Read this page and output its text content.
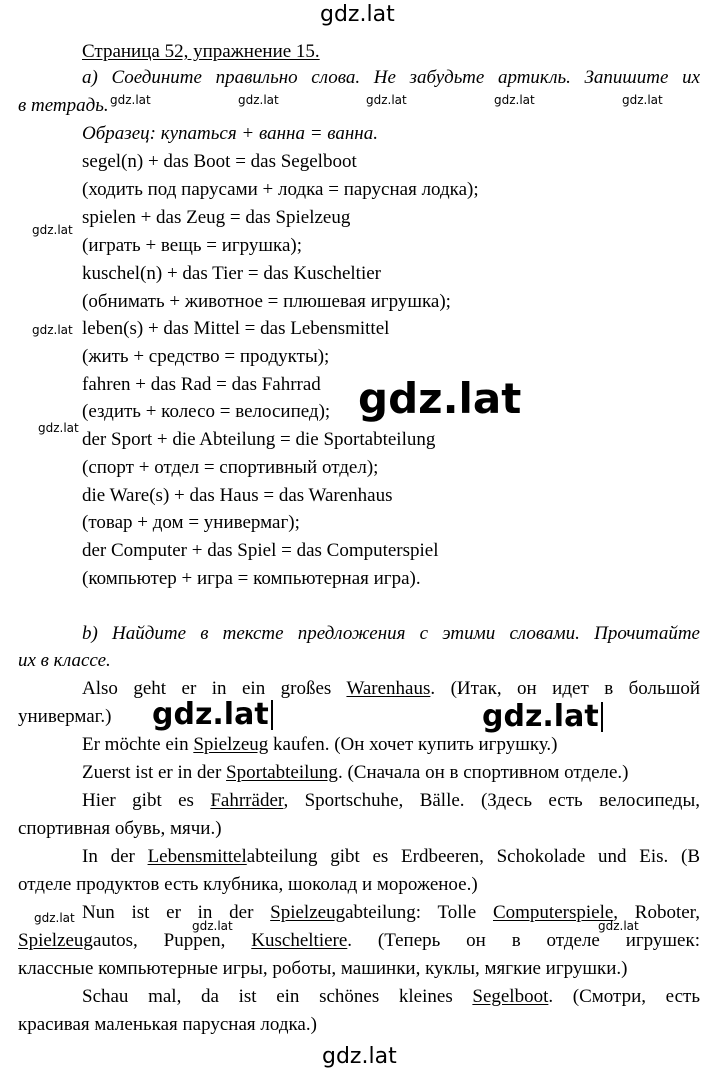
gdz.lat
gdz.lat	gdz.lat	gdz.lat	gdz.lat	gdz.lat
gdz.lat
gdz.lat
gdz.lat
gdz.lat
gdz.lat	gdz.lat
gdz.lat
gdz.lat	gdz.lat
gdz.lat
Страница 52, упражнение 15.
а) Соедините правильно слова. Не забудьте артикль. Запишите их
в тетрадь.
Образец: купаться + ванна = ванна.
segel(n) + das Boot = das Segelboot
(ходить под парусами + лодка = парусная лодка);
spielen + das Zeug = das Spielzeug
(играть + вещь = игрушка);
kuschel(n) + das Tier = das Kuscheltier
(обнимать + животное = плюшевая игрушка);
leben(s) + das Mittel = das Lebensmittel
(жить + средство = продукты);
fahren + das Rad = das Fahrrad
(ездить + колесо = велосипед);
der Sport + die Abteilung = die Sportabteilung
(спорт + отдел = спортивный отдел);
die Ware(s) + das Haus = das Warenhaus
(товар + дом = универмаг);
der Computer + das Spiel = das Computerspiel
(компьютер + игра = компьютерная игра).
b) Найдите в тексте предложения с этими словами. Прочитайте
их в классе.
Also geht er in ein großes Warenhaus. (Итак, он идет в большой
универмаг.)
Er möchte ein Spielzeug kaufen. (Он хочет купить игрушку.)
Zuerst ist er in der Sportabteilung. (Сначала он в спортивном отделе.)
Hier gibt es Fahrräder, Sportschuhe, Bälle. (Здесь есть велосипеды,
спортивная обувь, мячи.)
In der Lebensmittelabteilung gibt es Erdbeeren, Schokolade und Eis. (В
отделе продуктов есть клубника, шоколад и мороженое.)
Nun ist er in der Spielzeugabteilung: Tolle Computerspiele, Roboter,
Spielzeugautos, Puppen, Kuscheltiere. (Теперь он в отделе игрушек:
классные компьютерные игры, роботы, машинки, куклы, мягкие игрушки.)
Schau mal, da ist ein schönes kleines Segelboot. (Смотри, есть
красивая маленькая парусная лодка.)
